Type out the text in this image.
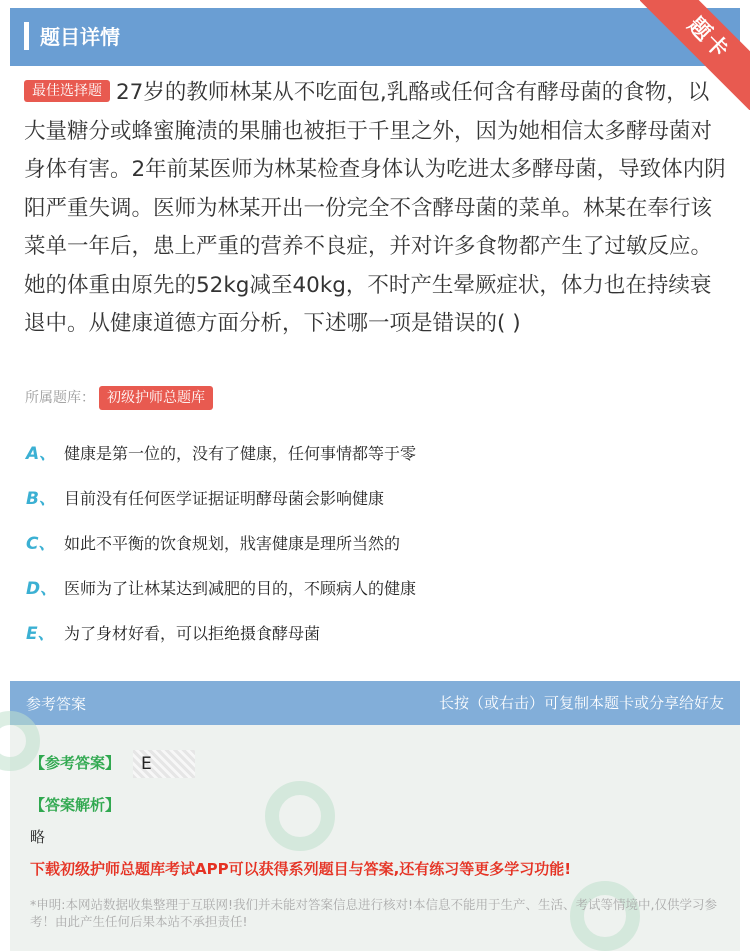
题目详情	题卡
最佳选择题 27岁的教师林某从不吃面包,乳酪或任何含有酵母菌的食物，以大量糖分或蜂蜜腌渍的果脯也被拒于千里之外，因为她相信太多酵母菌对身体有害。2年前某医师为林某检查身体认为吃进太多酵母菌，导致体内阴阳严重失调。医师为林某开出一份完全不含酵母菌的菜单。林某在奉行该菜单一年后，患上严重的营养不良症，并对许多食物都产生了过敏反应。她的体重由原先的52kg减至40kg，不时产生晕厥症状，体力也在持续衰退中。从健康道德方面分析，下述哪一项是错误的( )
所属题库： 初级护师总题库
A、 健康是第一位的，没有了健康，任何事情都等于零
B、 目前没有任何医学证据证明酵母菌会影响健康
C、 如此不平衡的饮食规划，戕害健康是理所当然的
D、 医师为了让林某达到减肥的目的，不顾病人的健康
E、 为了身材好看，可以拒绝摄食酵母菌
参考答案	长按（或右击）可复制本题卡或分享给好友
【参考答案】	E
【答案解析】
略
下载初级护师总题库考试APP可以获得系列题目与答案,还有练习等更多学习功能!
*申明:本网站数据收集整理于互联网!我们并未能对答案信息进行核对!本信息不能用于生产、生活、考试等情境中,仅供学习参考！由此产生任何后果本站不承担责任!
